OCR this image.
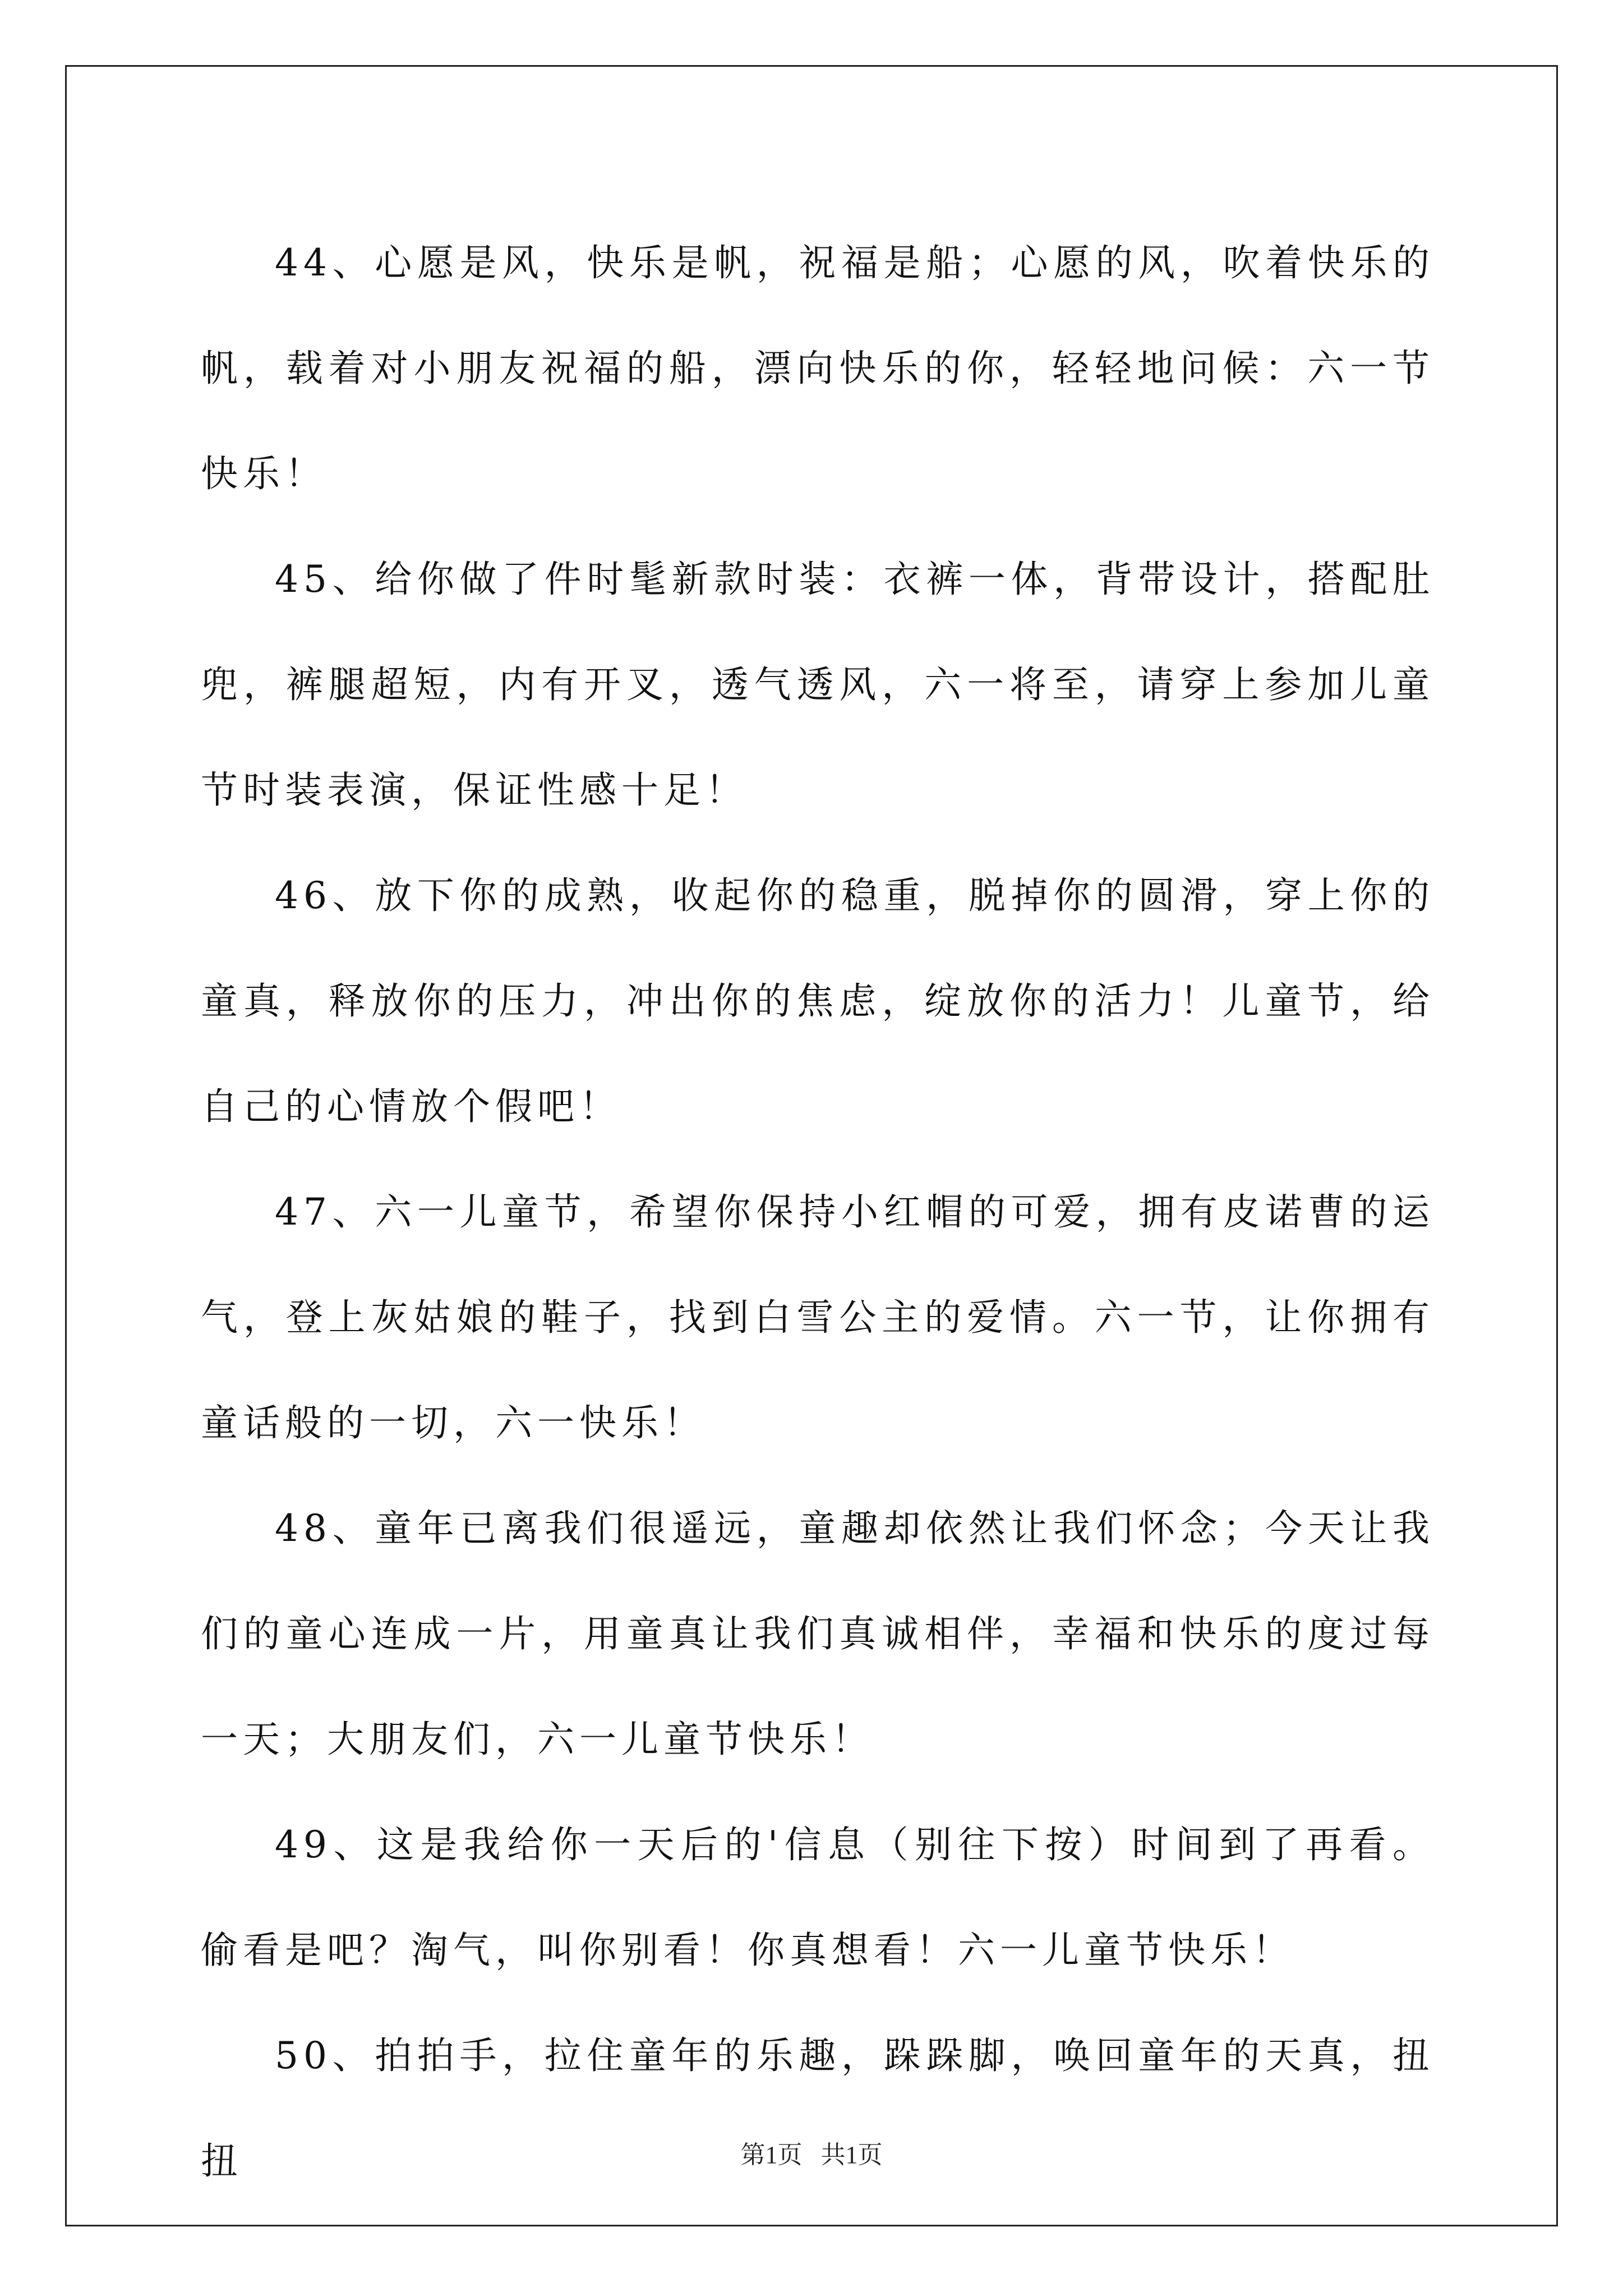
44、心愿是风，快乐是帆，祝福是船；心愿的风，吹着快乐的帆，载着对小朋友祝福的船，漂向快乐的你，轻轻地问候：六一节快乐！

45、给你做了件时髦新款时装：衣裤一体，背带设计，搭配肚兜，裤腿超短，内有开叉，透气透风，六一将至，请穿上参加儿童节时装表演，保证性感十足！

46、放下你的成熟，收起你的稳重，脱掉你的圆滑，穿上你的童真，释放你的压力，冲出你的焦虑，绽放你的活力！儿童节，给自己的心情放个假吧！

47、六一儿童节，希望你保持小红帽的可爱，拥有皮诺曹的运气，登上灰姑娘的鞋子，找到白雪公主的爱情。六一节，让你拥有童话般的一切，六一快乐！

48、童年已离我们很遥远，童趣却依然让我们怀念；今天让我们的童心连成一片，用童真让我们真诚相伴，幸福和快乐的度过每一天；大朋友们，六一儿童节快乐！

49、这是我给你一天后的'信息（别往下按）时间到了再看。偷看是吧？淘气，叫你别看！你真想看！六一儿童节快乐！

50、拍拍手，拉住童年的乐趣，跺跺脚，唤回童年的天真，扭扭	第1页   共1页
